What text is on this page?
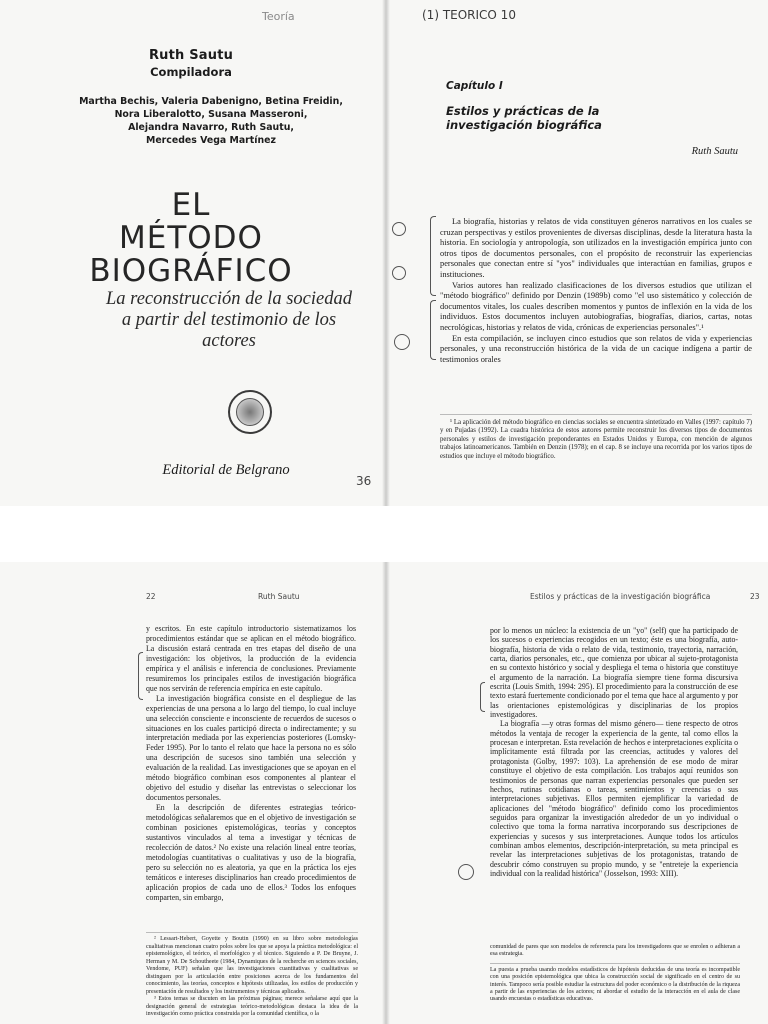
Teoría
Ruth Sautu
Compiladora
Martha Bechis, Valeria Dabenigno, Betina Freidin,
Nora Liberalotto, Susana Masseroni,
Alejandra Navarro, Ruth Sautu,
Mercedes Vega Martínez
EL
MÉTODO
BIOGRÁFICO
La reconstrucción de la sociedad a partir del testimonio de los actores
Editorial de Belgrano
36
(1) TEORICO 10
Capítulo I
Estilos y prácticas de la investigación biográfica
Ruth Sautu

La biografía, historias y relatos de vida constituyen géneros narrativos en los cuales se cruzan perspectivas y estilos provenientes de diversas disciplinas, desde la literatura hasta la historia. En sociología y antropología, son utilizados en la investigación empírica junto con otros tipos de documentos personales, con el propósito de reconstruir las experiencias personales que conectan entre sí "yos" individuales que interactúan en familias, grupos e instituciones.

Varios autores han realizado clasificaciones de los diversos estudios que utilizan el "método biográfico" definido por Denzin (1989b) como "el uso sistemático y colección de documentos vitales, los cuales describen momentos y puntos de inflexión en la vida de los individuos. Estos documentos incluyen autobiografías, biografías, diarios, cartas, notas necrológicas, historias y relatos de vida, crónicas de experiencias personales".¹

En esta compilación, se incluyen cinco estudios que son relatos de vida y experiencias personales, y una reconstrucción histórica de la vida de un cacique indígena a partir de testimonios orales

¹ La aplicación del método biográfico en ciencias sociales se encuentra sintetizado en Valles (1997: capítulo 7) y en Pujadas (1992). La cuadra histórica de estos autores permite reconstruir los diversos tipos de documentos personales y estilos de investigación preponderantes en Estados Unidos y Europa, con mención de algunos trabajos latinoamericanos. También en Denzin (1978); en el cap. 8 se incluye una recorrida por los varios tipos de estudios que incluye el método biográfico.

22	Ruth Sautu

y escritos. En este capítulo introductorio sistematizamos los procedimientos estándar que se aplican en el método biográfico. La discusión estará centrada en tres etapas del diseño de una investigación: los objetivos, la producción de la evidencia empírica y el análisis e inferencia de conclusiones. Previamente resumiremos los principales estilos de investigación biográfica que nos servirán de referencia empírica en este capítulo.

La investigación biográfica consiste en el despliegue de las experiencias de una persona a lo largo del tiempo, lo cual incluye una selección consciente e inconsciente de recuerdos de sucesos o situaciones en los cuales participó directa o indirectamente; y su interpretación mediada por las experiencias posteriores (Lomsky-Feder 1995). Por lo tanto el relato que hace la persona no es sólo una descripción de sucesos sino también una selección y evaluación de la realidad. Las investigaciones que se apoyan en el método biográfico combinan esos componentes al plantear el objetivo del estudio y diseñar las entrevistas o seleccionar los documentos personales.

En la descripción de diferentes estrategias teórico-metodológicas señalaremos que en el objetivo de investigación se combinan posiciones epistemológicas, teorías y conceptos sustantivos vinculados al tema a investigar y técnicas de recolección de datos.² No existe una relación lineal entre teorías, metodologías cuantitativas o cualitativas y uso de la biografía, pero su selección no es aleatoria, ya que en la práctica los ejes temáticos e intereses disciplinarios han creado procedimientos de aplicación propios de cada uno de ellos.³ Todos los enfoques comparten, sin embargo,

² Lessart-Hebert, Goyette y Boutin (1990) en su libro sobre metodologías cualitativas mencionan cuatro polos sobre los que se apoya la práctica metodológica: el epistemológico, el teórico, el morfológico y el técnico. Siguiendo a P. De Bruyne, J. Herman y M. De Schoutheete (1984, Dynamiques de la recherche en sciences sociales, Vendome, PUF) señalan que las investigaciones cuantitativas y cualitativas se distinguen por la articulación entre posiciones acerca de los fundamentos del conocimiento, las teorías, conceptos e hipótesis utilizadas, los estilos de producción y presentación de resultados y los instrumentos y técnicas aplicados.

³ Estos temas se discuten en las próximas páginas; merece señalarse aquí que la designación general de estrategias teórico-metodológicas destaca la idea de la investigación como práctica construida por la comunidad científica, o la

Estilos y prácticas de la investigación biográfica	23

por lo menos un núcleo: la existencia de un "yo" (self) que ha participado de los sucesos o experiencias recogidos en un texto; éste es una biografía, auto-biografía, historia de vida o relato de vida, testimonio, trayectoria, narración, carta, diarios personales, etc., que comienza por ubicar al sujeto-protagonista en su contexto histórico y social y despliega el tema o historia que constituye el argumento de la narración. La biografía siempre tiene forma discursiva escrita (Louis Smith, 1994: 295). El procedimiento para la construcción de ese texto estará fuertemente condicionado por el tema que hace al argumento y por las orientaciones epistemológicas y disciplinarias de los propios investigadores.

La biografía —y otras formas del mismo género— tiene respecto de otros métodos la ventaja de recoger la experiencia de la gente, tal como ellos la procesan e interpretan. Esta revelación de hechos e interpretaciones explícita o implícitamente está filtrada por las creencias, actitudes y valores del protagonista (Golby, 1997: 103). La aprehensión de ese modo de mirar constituye el objetivo de esta compilación. Los trabajos aquí reunidos son testimonios de personas que narran experiencias personales que pueden ser hechos, rutinas cotidianas o tareas, sentimientos y creencias o sus interpretaciones subjetivas. Ellos permiten ejemplificar la variedad de aplicaciones del "método biográfico" definido como los procedimientos seguidos para organizar la investigación alrededor de un yo individual o colectivo que toma la forma narrativa incorporando sus descripciones de experiencias y sucesos y sus interpretaciones. Aunque todos los artículos combinan ambos elementos, descripción-interpretación, su meta principal es revelar las interpretaciones subjetivas de los protagonistas, tratando de descubrir cómo construyen su propio mundo, y se "entreteje la experiencia individual con la realidad histórica" (Josselson, 1993: XIII).

comunidad de pares que son modelos de referencia para los investigadores que se enrolen o adhieran a esa estrategia.

La puesta a prueba usando modelos estadísticos de hipótesis deducidas de una teoría es incompatible con una posición epistemológica que ubica la construcción social de significado en el centro de su interés. Tampoco sería posible estudiar la estructura del poder económico o la distribución de la riqueza a partir de las experiencias de los actores; ni abordar el estudio de la interacción en el aula de clase usando encuestas o estadísticas educativas.
